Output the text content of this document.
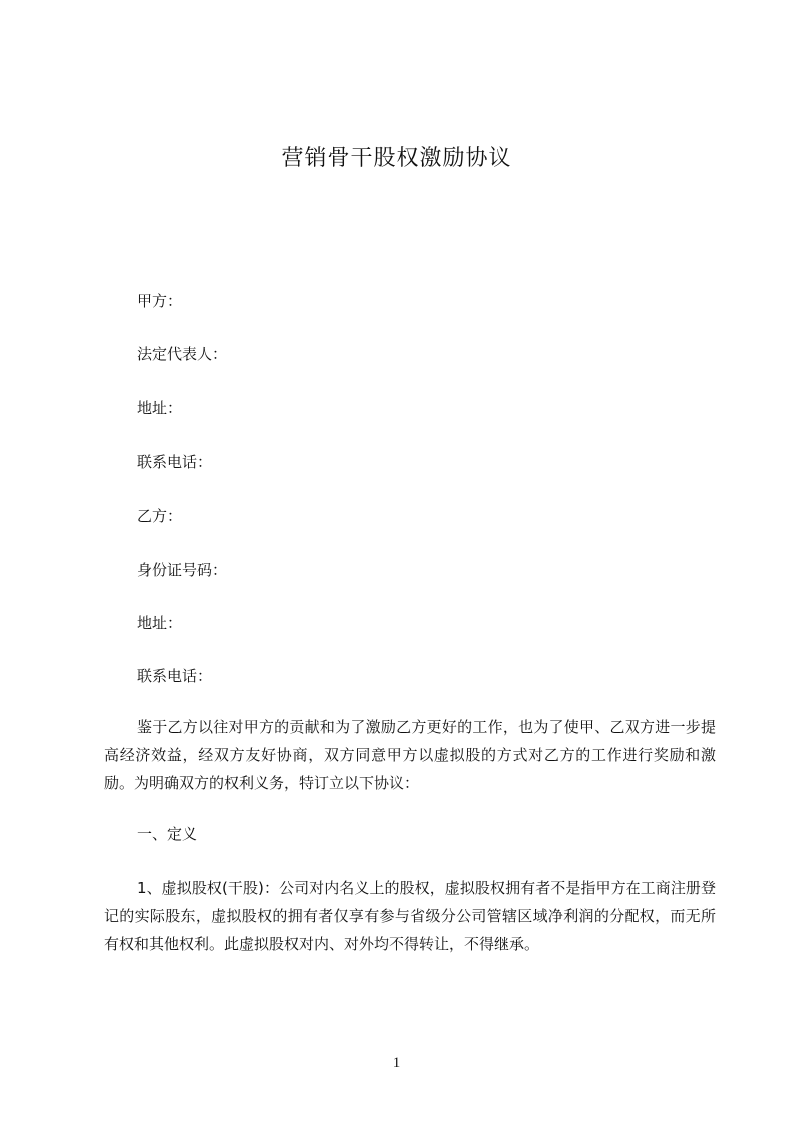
营销骨干股权激励协议
甲方：
法定代表人：
地址：
联系电话：
乙方：
身份证号码：
地址：
联系电话：

鉴于乙方以往对甲方的贡献和为了激励乙方更好的工作，也为了使甲、乙双方进一步提高经济效益，经双方友好协商，双方同意甲方以虚拟股的方式对乙方的工作进行奖励和激励。为明确双方的权利义务，特订立以下协议：

一、定义

1、虚拟股权(干股)：公司对内名义上的股权，虚拟股权拥有者不是指甲方在工商注册登记的实际股东，虚拟股权的拥有者仅享有参与省级分公司管辖区域净利润的分配权，而无所有权和其他权利。此虚拟股权对内、对外均不得转让，不得继承。

1
